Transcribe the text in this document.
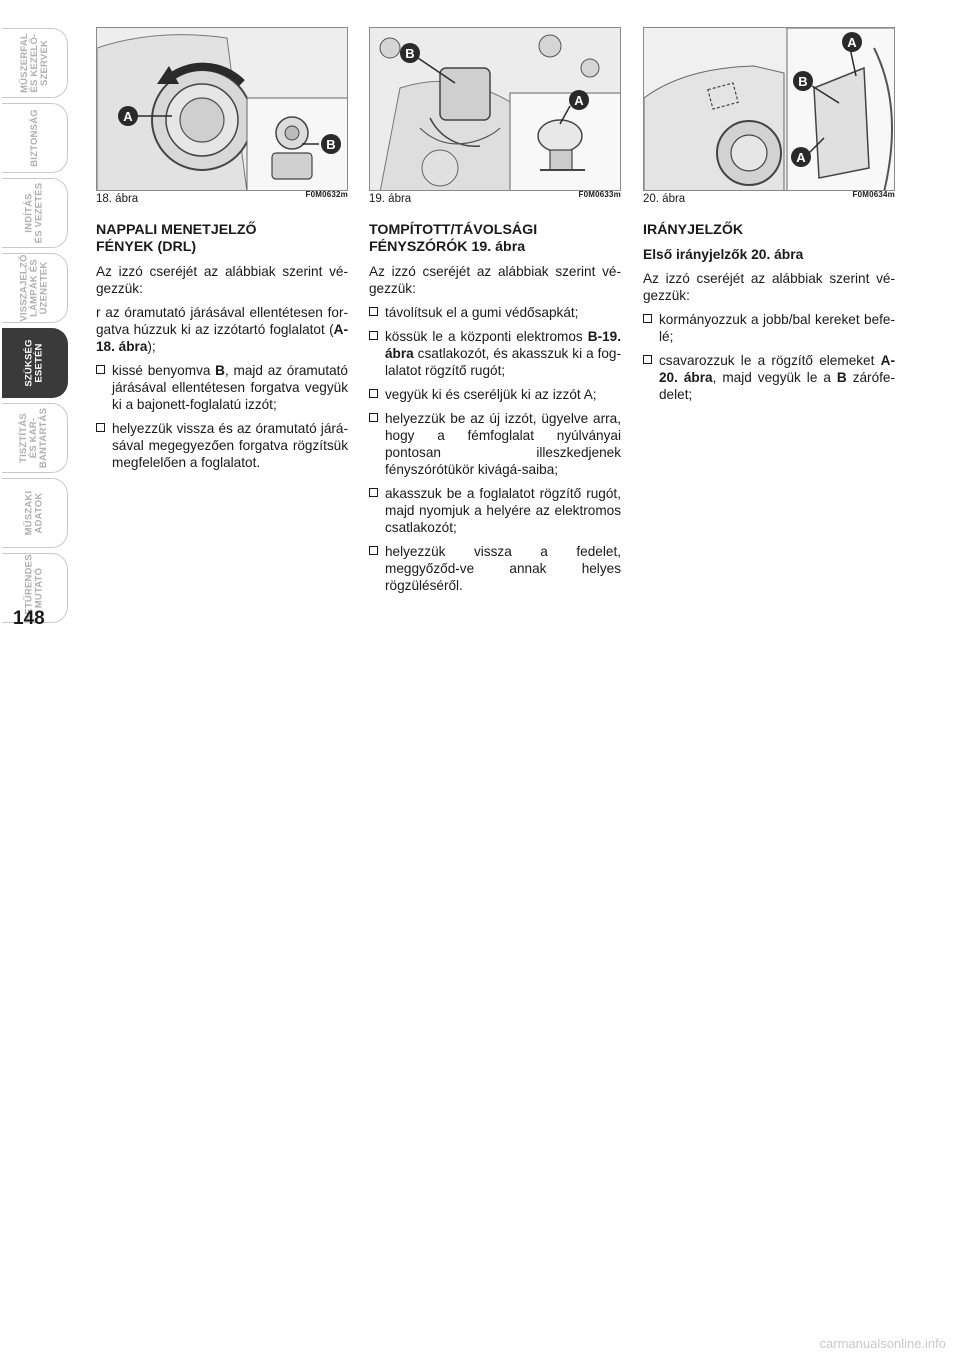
MŰSZERFAL
ÉS KEZELŐ-
SZERVEK
BIZTONSÁG
INDÍTÁS
ÉS VEZETÉS
VISSZAJELZŐ
LÁMPÁK ÉS
ÜZENETEK
SZÜKSÉG
ESETÉN
TISZTÍTÁS
ÉS KAR-
BANTARTÁS
MŰSZAKI
ADATOK
BETŰRENDES
MUTATÓ
148
A
B
18. ábra	F0M0632m
B
A
19. ábra	F0M0633m
A
B
A
20. ábra	F0M0634m
NAPPALI MENETJELZŐ
FÉNYEK (DRL)

Az izzó cseréjét az alábbiak szerint vé-gezzük:

r az óramutató járásával ellentétesen for-gatva húzzuk ki az izzótartó foglalatot (A-18. ábra);

kissé benyomva B, majd az óramutató járásával ellentétesen forgatva vegyük ki a bajonett-foglalatú izzót;
helyezzük vissza és az óramutató járá-sával megegyezően forgatva rögzítsük megfelelően a foglalatot.
TOMPÍTOTT/TÁVOLSÁGI
FÉNYSZÓRÓK 19. ábra

Az izzó cseréjét az alábbiak szerint vé-gezzük:

távolítsuk el a gumi védősapkát;
kössük le a központi elektromos B-19. ábra csatlakozót, és akasszuk ki a fog-lalatot rögzítő rugót;
vegyük ki és cseréljük ki az izzót A;
helyezzük be az új izzót, ügyelve arra, hogy a fémfoglalat nyúlványai pontosan illeszkedjenek fényszórótükör kivágá-saiba;
akasszuk be a foglalatot rögzítő rugót, majd nyomjuk a helyére az elektromos csatlakozót;
helyezzük vissza a fedelet, meggyőződ-ve annak helyes rögzüléséről.
IRÁNYJELZŐK
Első irányjelzők 20. ábra

Az izzó cseréjét az alábbiak szerint vé-gezzük:

kormányozzuk a jobb/bal kereket befe-lé;
csavarozzuk le a rögzítő elemeket A-20. ábra, majd vegyük le a B zárófe-delet;
carmanualsonline.info
